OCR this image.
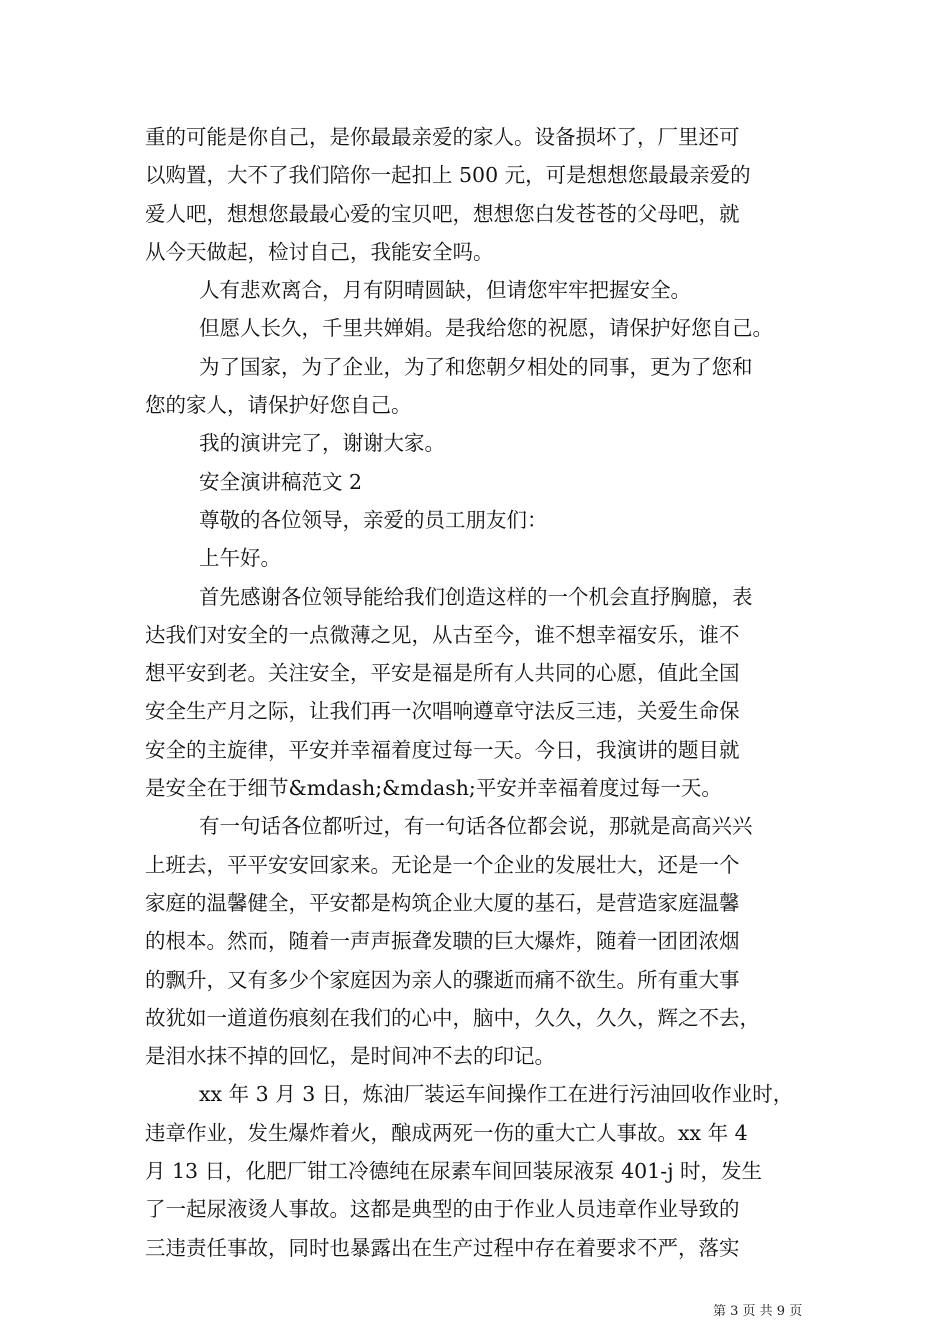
重的可能是你自己，是你最最亲爱的家人。设备损坏了，厂里还可
以购置，大不了我们陪你一起扣上 500 元，可是想想您最最亲爱的
爱人吧，想想您最最心爱的宝贝吧，想想您白发苍苍的父母吧，就
从今天做起，检讨自己，我能安全吗。
人有悲欢离合，月有阴晴圆缺，但请您牢牢把握安全。
但愿人长久，千里共婵娟。是我给您的祝愿，请保护好您自己。
为了国家，为了企业，为了和您朝夕相处的同事，更为了您和
您的家人，请保护好您自己。
我的演讲完了，谢谢大家。
安全演讲稿范文 2
尊敬的各位领导，亲爱的员工朋友们：
上午好。
首先感谢各位领导能给我们创造这样的一个机会直抒胸臆，表
达我们对安全的一点微薄之见，从古至今，谁不想幸福安乐，谁不
想平安到老。关注安全，平安是福是所有人共同的心愿，值此全国
安全生产月之际，让我们再一次唱响遵章守法反三违，关爱生命保
安全的主旋律，平安并幸福着度过每一天。今日，我演讲的题目就
是安全在于细节&mdash;&mdash;平安并幸福着度过每一天。
有一句话各位都听过，有一句话各位都会说，那就是高高兴兴
上班去，平平安安回家来。无论是一个企业的发展壮大，还是一个
家庭的温馨健全，平安都是构筑企业大厦的基石，是营造家庭温馨
的根本。然而，随着一声声振聋发聩的巨大爆炸，随着一团团浓烟
的飘升，又有多少个家庭因为亲人的骤逝而痛不欲生。所有重大事
故犹如一道道伤痕刻在我们的心中，脑中，久久，久久，辉之不去，
是泪水抹不掉的回忆，是时间冲不去的印记。
xx 年 3 月 3 日，炼油厂装运车间操作工在进行污油回收作业时，
违章作业，发生爆炸着火，酿成两死一伤的重大亡人事故。xx 年 4
月 13 日，化肥厂钳工冷德纯在尿素车间回装尿液泵 401-j 时，发生
了一起尿液烫人事故。这都是典型的由于作业人员违章作业导致的
三违责任事故，同时也暴露出在生产过程中存在着要求不严，落实
第 3 页 共 9 页
